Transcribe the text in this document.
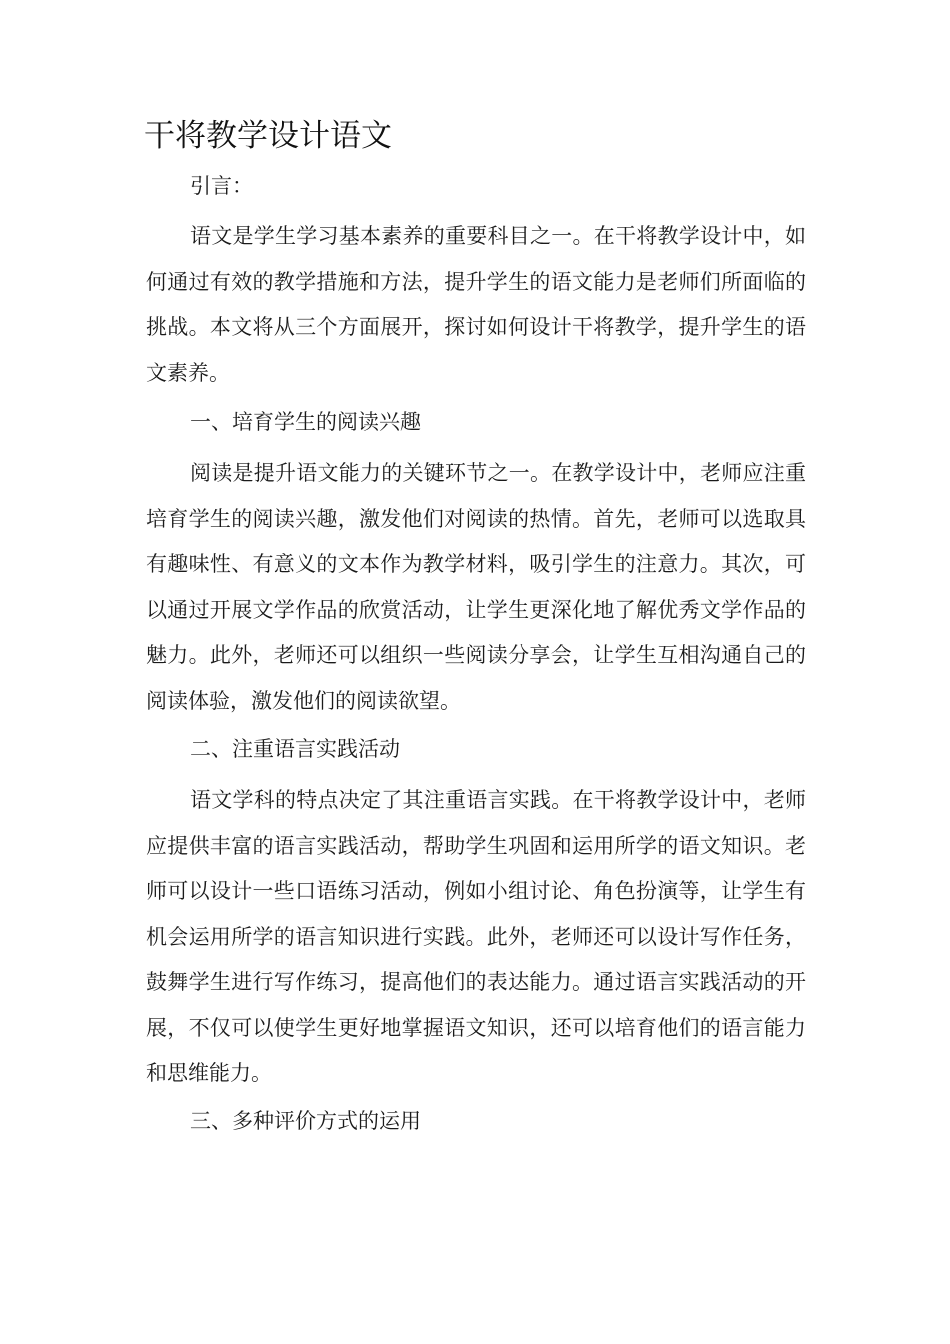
干将教学设计语文

引言：

语文是学生学习基本素养的重要科目之一。在干将教学设计中，如何通过有效的教学措施和方法，提升学生的语文能力是老师们所面临的挑战。本文将从三个方面展开，探讨如何设计干将教学，提升学生的语文素养。

一、培育学生的阅读兴趣

阅读是提升语文能力的关键环节之一。在教学设计中，老师应注重培育学生的阅读兴趣，激发他们对阅读的热情。首先，老师可以选取具有趣味性、有意义的文本作为教学材料，吸引学生的注意力。其次，可以通过开展文学作品的欣赏活动，让学生更深化地了解优秀文学作品的魅力。此外，老师还可以组织一些阅读分享会，让学生互相沟通自己的阅读体验，激发他们的阅读欲望。

二、注重语言实践活动

语文学科的特点决定了其注重语言实践。在干将教学设计中，老师应提供丰富的语言实践活动，帮助学生巩固和运用所学的语文知识。老师可以设计一些口语练习活动，例如小组讨论、角色扮演等，让学生有机会运用所学的语言知识进行实践。此外，老师还可以设计写作任务，鼓舞学生进行写作练习，提高他们的表达能力。通过语言实践活动的开展，不仅可以使学生更好地掌握语文知识，还可以培育他们的语言能力和思维能力。

三、多种评价方式的运用
